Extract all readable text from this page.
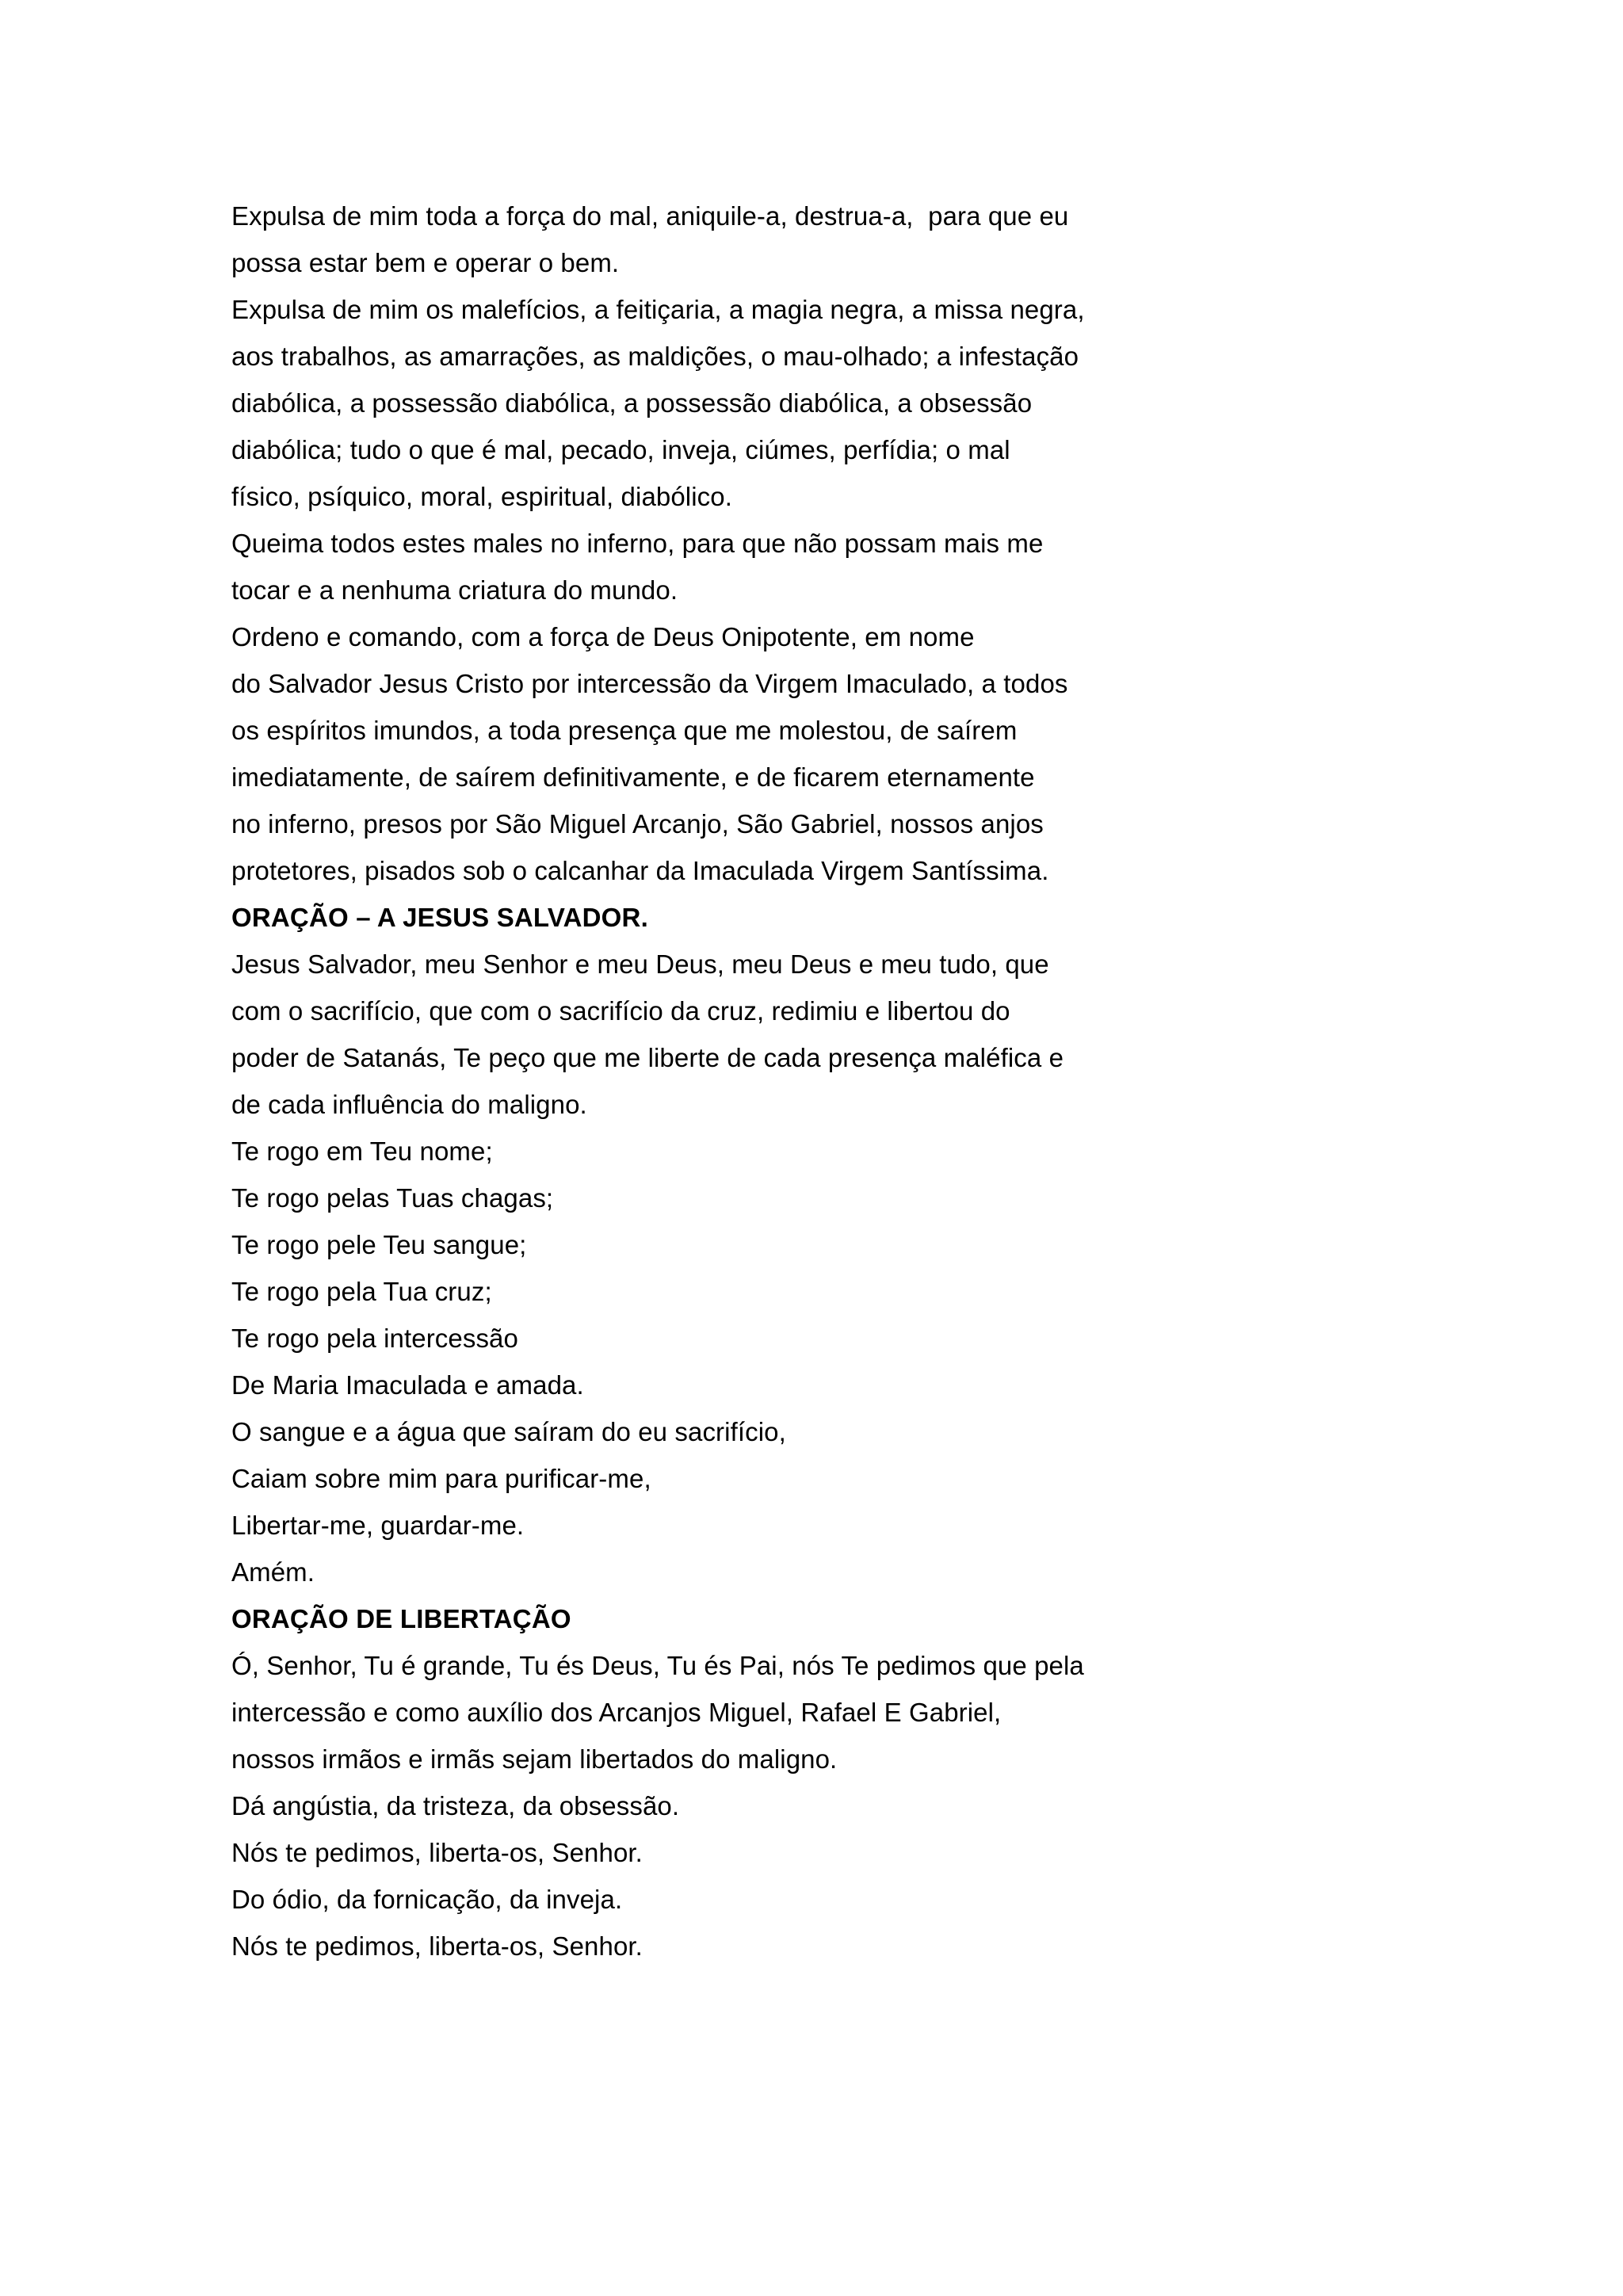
Expulsa de mim toda a força do mal, aniquile-a, destrua-a,  para que eu
possa estar bem e operar o bem.
Expulsa de mim os malefícios, a feitiçaria, a magia negra, a missa negra,
aos trabalhos, as amarrações, as maldições, o mau-olhado; a infestação
diabólica, a possessão diabólica, a possessão diabólica, a obsessão
diabólica; tudo o que é mal, pecado, inveja, ciúmes, perfídia; o mal
físico, psíquico, moral, espiritual, diabólico.
Queima todos estes males no inferno, para que não possam mais me
tocar e a nenhuma criatura do mundo.
Ordeno e comando, com a força de Deus Onipotente, em nome
do Salvador Jesus Cristo por intercessão da Virgem Imaculado, a todos
os espíritos imundos, a toda presença que me molestou, de saírem
imediatamente, de saírem definitivamente, e de ficarem eternamente
no inferno, presos por São Miguel Arcanjo, São Gabriel, nossos anjos
protetores, pisados sob o calcanhar da Imaculada Virgem Santíssima.
ORAÇÃO – A JESUS SALVADOR.
Jesus Salvador, meu Senhor e meu Deus, meu Deus e meu tudo, que
com o sacrifício, que com o sacrifício da cruz, redimiu e libertou do
poder de Satanás, Te peço que me liberte de cada presença maléfica e
de cada influência do maligno.
Te rogo em Teu nome;
Te rogo pelas Tuas chagas;
Te rogo pele Teu sangue;
Te rogo pela Tua cruz;
Te rogo pela intercessão
De Maria Imaculada e amada.
O sangue e a água que saíram do eu sacrifício,
Caiam sobre mim para purificar-me,
Libertar-me, guardar-me.
Amém.
ORAÇÃO DE LIBERTAÇÃO
Ó, Senhor, Tu é grande, Tu és Deus, Tu és Pai, nós Te pedimos que pela
intercessão e como auxílio dos Arcanjos Miguel, Rafael E Gabriel,
nossos irmãos e irmãs sejam libertados do maligno.
Dá angústia, da tristeza, da obsessão.
Nós te pedimos, liberta-os, Senhor.
Do ódio, da fornicação, da inveja.
Nós te pedimos, liberta-os, Senhor.
